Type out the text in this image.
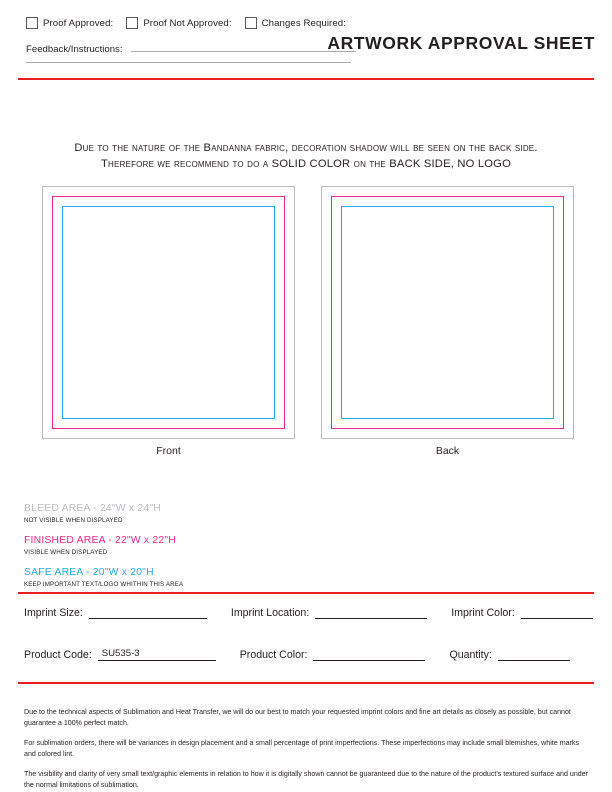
Proof Approved:	Proof Not Approved:	Changes Required:
Feedback/Instructions:	ARTWORK APPROVAL SHEET
Due to the nature of the Bandanna fabric, decoration shadow will be seen on the back side.
Therefore we recommend to do a SOLID COLOR on the BACK SIDE, NO LOGO
Front	Back
BLEED AREA - 24"W x 24"H
NOT VISIBLE WHEN DISPLAYED
FINISHED AREA - 22"W x 22"H
VISIBLE WHEN DISPLAYED
SAFE AREA - 20"W x 20"H
KEEP IMPORTANT TEXT/LOGO WHITHIN THIS AREA
Imprint Size:	Imprint Location:	Imprint Color:
Product Code: SU535-3	Product Color:	Quantity:

Due to the technical aspects of Sublimation and Heat Transfer, we will do our best to match your requested imprint colors and fine art details as closely as possible, but cannot guarantee a 100% perfect match.

For sublimation orders, there will be variances in design placement and a small percentage of print imperfections. These imperfections may include small blemishes, white marks and colored lint.

The visibility and clarity of very small text/graphic elements in relation to how it is digitally shown cannot be guaranteed due to the nature of the product's textured surface and under the normal limitations of sublimation.
